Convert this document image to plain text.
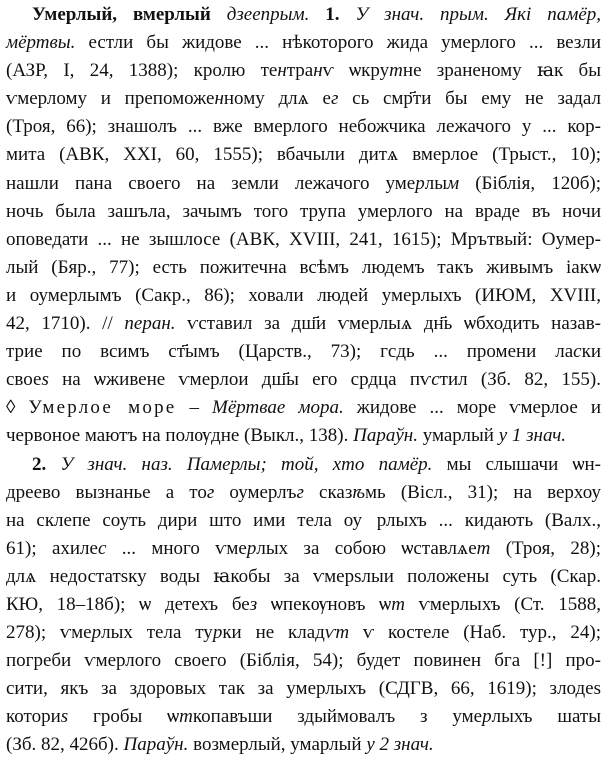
Умерлый, вмерлый дзеепрым. 1. У знач. прым. Які памёр,
мёртвы. естли бы жидове ... нѣкоторого жида умерлого ... везли
(АЗР, І, 24, 1388); кролю тентранѵ ѡкрутне зраненому ꙗк бы
ѵмерлому и препоможенному длѧ ег сь смр҃ти бы ему не задал
(Троя, 66); знашолъ ... вже вмерлого небожчика лежачого у ... кор-
мита (АВК, ХХІ, 60, 1555); вбачыли дитѧ вмерлое (Трыст., 10);
нашли пана своего на земли лежачого умерлым (Біблія, 120б);
ночь была зашъла, зачымъ того трупа умерлого на враде въ ночи
оповедати ... не зышлосе (АВК, ХVІІІ, 241, 1615); Мрътвый: Оумер-
лый (Бяр., 77); есть пожитечна всѣмъ людемъ такъ живымъ іакѡ
и оумерлымъ (Сакр., 86); ховали людей умерлыхъ (ИЮМ, ХVІІІ,
42, 1710). // перан. ѵставил за дш҃и ѵмерлыѧ дн҃ь ѡбходить назав-
трие по всимъ ст҃ымъ (Царств., 73); гсдь ... промени ласки
своеѕ на ѡживене ѵмерлои дш҃ы его срдца пѵстил (Зб. 82, 155).
◊ Умерлое море – Мёртвае мора. жидове ... море ѵмерлое и
червоное маютъ на полѹдне (Выкл., 138). Параўн. умарлый у 1 знач.
2. У знач. наз. Памерлы; той, хто памёр. мы слышачи ѡн-
дреево вызнанье а тог оумерлъг сказѣмь (Вісл., 31); на верхоу
на склепе соуть дири што ими тела оуⷨрлыхъ ... кидають (Валх.,
61); ахилес ... много ѵмерлых за собою ѡставлѧет (Троя, 28);
длѧ недостатѕку воды ꙗкобы за ѵмерѕлыи положены суть (Скар.
КЮ, 18–18б); ѡ детехъ без ѡпекѹновъ ѡт ѵмерлыхъ (Ст. 1588,
278); ѵмерлых тела турки не кладѵт ѵ костеле (Наб. тур., 24);
погреби ѵмерлого своего (Біблія, 54); будет повинен бга [!] про-
сити, якъ за здоровых так за умерлыхъ (СДГВ, 66, 1619); злодеѕ
коториѕ гробы ѡткопавъши здыймовалъ з умерлыхъ шаты
(Зб. 82, 426б). Параўн. возмерлый, умарлый у 2 знач.
